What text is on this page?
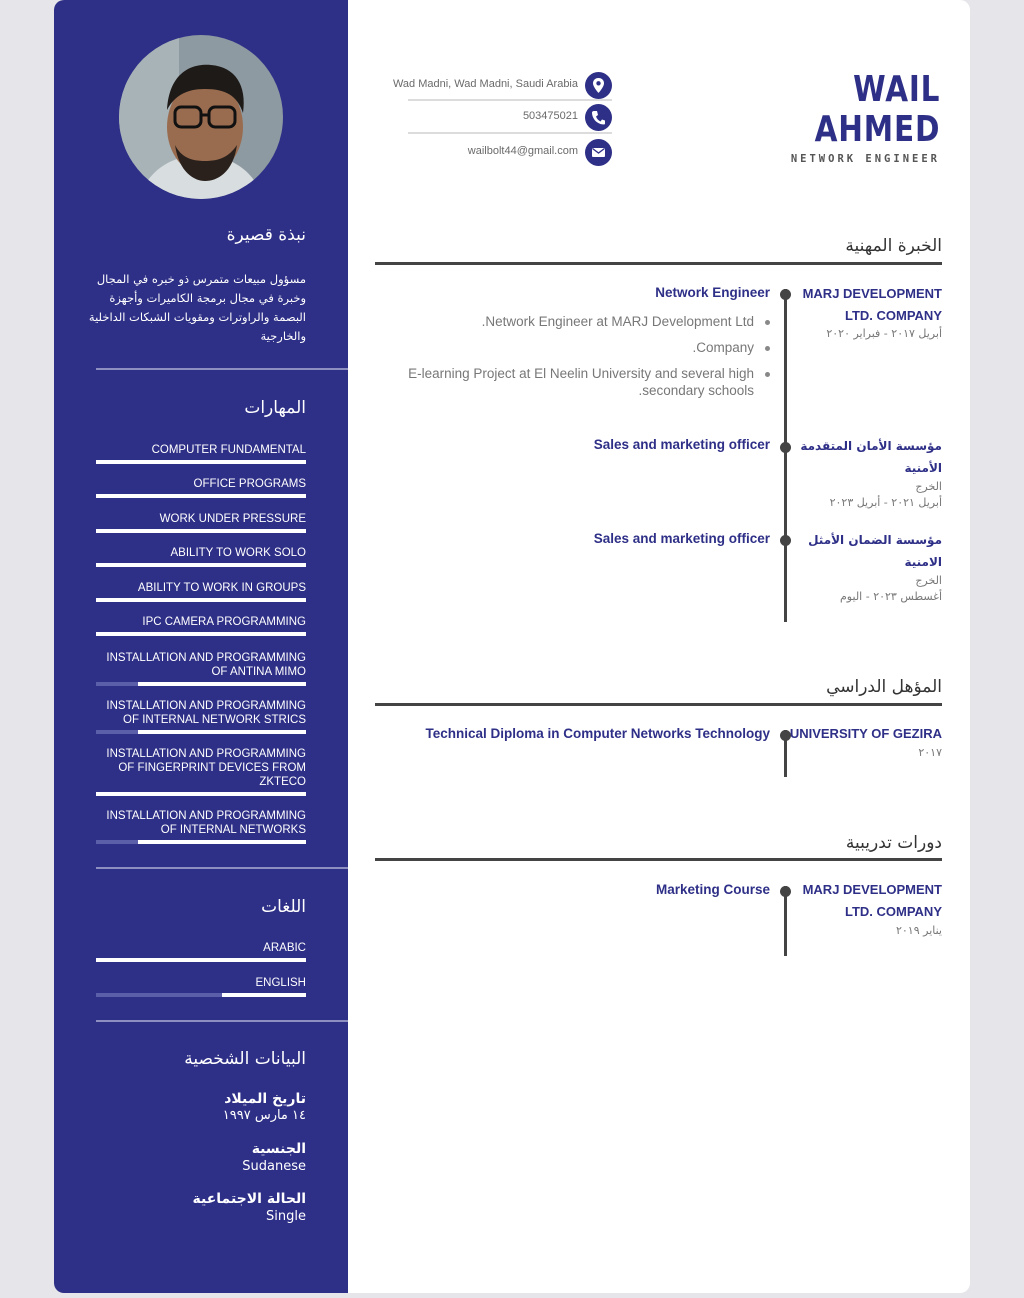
نبذة قصيرة
مسؤول مبيعات متمرس ذو خبره في المجال وخبرة في مجال برمجة الكاميرات وأجهزة البصمة والراوترات ومقويات الشبكات الداخلية والخارجية
المهارات
COMPUTER FUNDAMENTAL
OFFICE PROGRAMS
WORK UNDER PRESSURE
ABILITY TO WORK SOLO
ABILITY TO WORK IN GROUPS
IPC CAMERA PROGRAMMING
INSTALLATION AND PROGRAMMING OF ANTINA MIMO
INSTALLATION AND PROGRAMMING OF INTERNAL NETWORK STRICS
INSTALLATION AND PROGRAMMING OF FINGERPRINT DEVICES FROM ZKTECO
INSTALLATION AND PROGRAMMING OF INTERNAL NETWORKS
اللغات
ARABIC
ENGLISH
البيانات الشخصية
تاريخ الميلاد
١٤ مارس ١٩٩٧
الجنسية
Sudanese
الحالة الاجتماعية
Single
Wad Madni, Wad Madni, Saudi Arabia
503475021
wailbolt44@gmail.com
WAIL
AHMED
NETWORK ENGINEER
الخبرة المهنية
Network Engineer	MARJ DEVELOPMENT LTD. COMPANY
أبريل ٢٠١٧ - فبراير ٢٠٢٠
.Network Engineer at MARJ Development Ltd
.Company
E-learning Project at El Neelin University and several high .secondary schools
Sales and marketing officer	مؤسسة الأمان المتقدمة الأمنية
الخرج
أبريل ٢٠٢١ - أبريل ٢٠٢٣
Sales and marketing officer	مؤسسة الضمان الأمثل الامنية
الخرج
أغسطس ٢٠٢٣ - اليوم
المؤهل الدراسي
Technical Diploma in Computer Networks Technology	UNIVERSITY OF GEZIRA
٢٠١٧
دورات تدريبية
Marketing Course	MARJ DEVELOPMENT LTD. COMPANY
يناير ٢٠١٩
